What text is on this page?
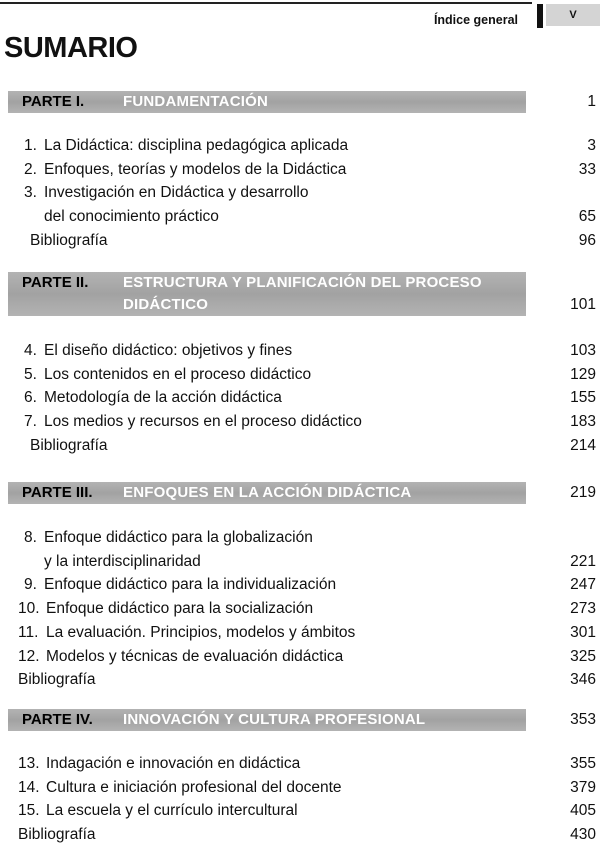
Índice general	V
SUMARIO
PARTE I.	FUNDAMENTACIÓN	1
1. La Didáctica: disciplina pedagógica aplicada	3
2. Enfoques, teorías y modelos de la Didáctica	33
3. Investigación en Didáctica y desarrollo
del conocimiento práctico	65
Bibliografía	96
PARTE II. ESTRUCTURA Y PLANIFICACIÓN DEL PROCESO
DIDÁCTICO	101
4. El diseño didáctico: objetivos y fines	103
5. Los contenidos en el proceso didáctico	129
6. Metodología de la acción didáctica	155
7. Los medios y recursos en el proceso didáctico	183
Bibliografía	214
PARTE III. ENFOQUES EN LA ACCIÓN DIDÁCTICA	219
8. Enfoque didáctico para la globalización
y la interdisciplinaridad	221
9. Enfoque didáctico para la individualización	247
10. Enfoque didáctico para la socialización	273
11. La evaluación. Principios, modelos y ámbitos	301
12. Modelos y técnicas de evaluación didáctica	325
Bibliografía	346
PARTE IV. INNOVACIÓN Y CULTURA PROFESIONAL	353
13. Indagación e innovación en didáctica	355
14. Cultura e iniciación profesional del docente	379
15. La escuela y el currículo intercultural	405
Bibliografía	430
